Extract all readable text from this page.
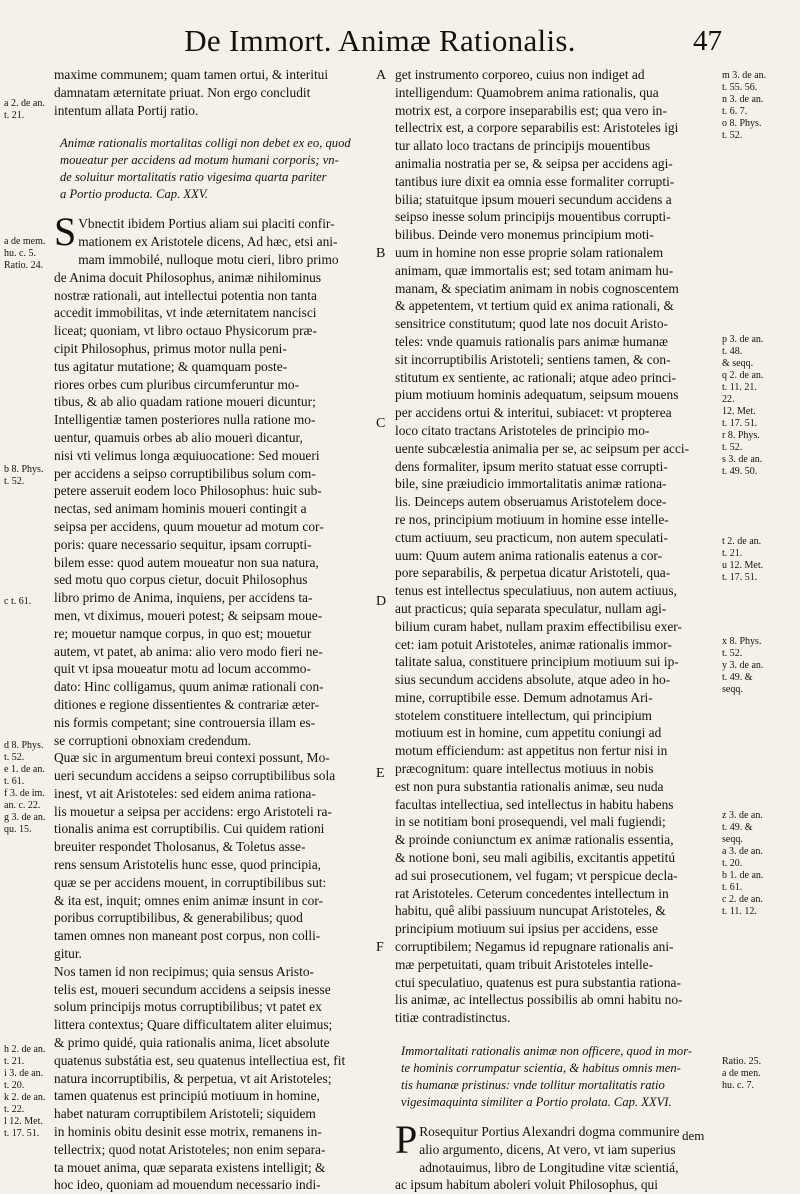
De Immort. Animæ Rationalis.	47

maxime communem; quam tamen ortui, & interitui
damnatam æternitate priuat. Non ergo concludit
intentum allata Portij ratio.

Animæ rationalis mortalitas colligi non debet ex eo, quod
moueatur per accidens ad motum humani corporis; vn-
de soluitur mortalitatis ratio vigesima quarta pariter
a Portio producta. Cap. XXV.

S Vbnectit ibidem Portius aliam sui placiti confir-
mationem ex Aristotele dicens, Ad hæc, etsi ani-
mam immobilé, nulloque motu cieri, libro primo
de Anima docuit Philosophus, animæ nihilominus
nostræ rationali, aut intellectui potentia non tanta
accedit immobilitas, vt inde æternitatem nancisci
liceat; quoniam, vt libro octauo Physicorum præ-
cipit Philosophus, primus motor nulla peni-
tus agitatur mutatione; & quamquam poste-
riores orbes cum pluribus circumferuntur mo-
tibus, & ab alio quadam ratione moueri dicuntur;
Intelligentiæ tamen posteriores nulla ratione mo-
uentur, quamuis orbes ab alio moueri dicantur,
nisi vti velimus longa æquiuocatione: Sed moueri
per accidens a seipso corruptibilibus solum com-
petere asseruit eodem loco Philosophus: huic sub-
nectas, sed animam hominis moueri contingit a
seipsa per accidens, quum mouetur ad motum cor-
poris: quare necessario sequitur, ipsam corrupti-
bilem esse: quod autem moueatur non sua natura,
sed motu quo corpus cietur, docuit Philosophus
libro primo de Anima, inquiens, per accidens ta-
men, vt diximus, moueri potest; & seipsam moue-
re; mouetur namque corpus, in quo est; mouetur
autem, vt patet, ab anima: alio vero modo fieri ne-
quit vt ipsa moueatur motu ad locum accommo-
dato: Hinc colligamus, quum animæ rationali con-
ditiones e regione dissentientes & contrariæ æter-
nis formis competant; sine controuersia illam es-
se corruptioni obnoxiam credendum.

Quæ sic in argumentum breui contexi possunt, Mo-
ueri secundum accidens a seipso corruptibilibus sola
inest, vt ait Aristoteles: sed eidem anima rationa-
lis mouetur a seipsa per accidens: ergo Aristoteli ra-
tionalis anima est corruptibilis. Cui quidem rationi
breuiter respondet Tholosanus, & Toletus asse-
rens sensum Aristotelis hunc esse, quod principia,
quæ se per accidens mouent, in corruptibilibus sut:
& ita est, inquit; omnes enim animæ insunt in cor-
poribus corruptibilibus, & generabilibus; quod
tamen omnes non maneant post corpus, non colli-
gitur.

Nos tamen id non recipimus; quia sensus Aristo-
telis est, moueri secundum accidens a seipsis inesse
solum principijs motus corruptibilibus; vt patet ex
littera contextus; Quare difficultatem aliter eluimus;
& primo quidé, quia rationalis anima, licet absolute
quatenus substátia est, seu quatenus intellectiua est, fit
natura incorruptibilis, & perpetua, vt ait Aristoteles;
tamen quatenus est principiú motiuum in homine,
habet naturam corruptibilem Aristoteli; siquidem
in hominis obitu desinit esse motrix, remanens in-
tellectrix; quod notat Aristoteles; non enim separa-
ta mouet anima, quæ separata existens intelligit; &
hoc ideo, quoniam ad mouendum necessario indi-

get instrumento corporeo, cuius non indiget ad
intelligendum: Quamobrem anima rationalis, qua
motrix est, a corpore inseparabilis est; qua vero in-
tellectrix est, a corpore separabilis est: Aristoteles igi
tur allato loco tractans de principijs mouentibus
animalia nostratia per se, & seipsa per accidens agi-
tantibus iure dixit ea omnia esse formaliter corrupti-
bilia; statuitque ipsum moueri secundum accidens a
seipso inesse solum principijs mouentibus corrupti-
bilibus. Deinde vero monemus principium moti-
uum in homine non esse proprie solam rationalem
animam, quæ immortalis est; sed totam animam hu-
manam, & speciatim animam in nobis cognoscentem
& appetentem, vt tertium quid ex anima rationali, &
sensitrice constitutum; quod late nos docuit Aristo-
teles: vnde quamuis rationalis pars animæ humanæ
sit incorruptibilis Aristoteli; sentiens tamen, & con-
stitutum ex sentiente, ac rationali; atque adeo princi-
pium motiuum hominis adequatum, seipsum mouens
per accidens ortui & interitui, subiacet: vt propterea
loco citato tractans Aristoteles de principio mo-
uente subcælestia animalia per se, ac seipsum per acci-
dens formaliter, ipsum merito statuat esse corrupti-
bile, sine præiudicio immortalitatis animæ rationa-
lis. Deinceps autem obseruamus Aristotelem doce-
re nos, principium motiuum in homine esse intelle-
ctum actiuum, seu practicum, non autem speculati-
uum: Quum autem anima rationalis eatenus a cor-
pore separabilis, & perpetua dicatur Aristoteli, qua-
tenus est intellectus speculatiuus, non autem actiuus,
aut practicus; quia separata speculatur, nullam agi-
bilium curam habet, nullam praxim effectibilisu exer-
cet: iam potuit Aristoteles, animæ rationalis immor-
talitate salua, constituere principium motiuum sui ip-
sius secundum accidens absolute, atque adeo in ho-
mine, corruptibile esse. Demum adnotamus Ari-
stotelem constituere intellectum, qui principium
motiuum est in homine, cum appetitu coniungi ad
motum efficiendum: ast appetitus non fertur nisi in
præcognitum: quare intellectus motiuus in nobis
est non pura substantia rationalis animæ, seu nuda
facultas intellectiua, sed intellectus in habitu habens
in se notitiam boni prosequendi, vel mali fugiendi;
& proinde coniunctum ex animæ rationalis essentia,
& notione boni, seu mali agibilis, excitantis appetitú
ad sui prosecutionem, vel fugam; vt perspicue decla-
rat Aristoteles. Ceterum concedentes intellectum in
habitu, quê alibi passiuum nuncupat Aristoteles, &
principium motiuum sui ipsius per accidens, esse
corruptibilem; Negamus id repugnare rationalis ani-
mæ perpetuitati, quam tribuit Aristoteles intelle-
ctui speculatiuo, quatenus est pura substantia rationa-
lis animæ, ac intellectus possibilis ab omni habitu no-
titiæ contradistinctus.

Immortalitati rationalis animæ non officere, quod in mor-
te hominis corrumpatur scientia, & habitus omnis men-
tis humanæ pristinus: vnde tollitur mortalitatis ratio
vigesimaquinta similiter a Portio prolata. Cap. XXVI.

P Rosequitur Portius Alexandri dogma communire
alio argumento, dicens, At vero, vt iam superius
adnotauimus, libro de Longitudine vitæ scientiá,
ac ipsum habitum aboleri voluit Philosophus, qui

dem
A
B
C
D
E
F
a 2. de an.
t. 21.
a de mem.
hu. c. 5.
Ratio. 24.
b 8. Phys.
t. 52.
c t. 61.
d 8. Phys.
t. 52.
e 1. de an.
t. 61.
f 3. de im.
an. c. 22.
g 3. de an.
qu. 15.
h 2. de an.
t. 21.
i 3. de an.
t. 20.
k 2. de an.
t. 22.
l 12. Met.
t. 17. 51.
m 3. de an.
t. 55. 56.
n 3. de an.
t. 6. 7.
o 8. Phys.
t. 52.
p 3. de an.
t. 48.
& seqq.
q 2. de an.
t. 11. 21.
22.
12. Met.
t. 17. 51.
r 8. Phys.
t. 52.
s 3. de an.
t. 49. 50.
t 2. de an.
t. 21.
u 12. Met.
t. 17. 51.
x 8. Phys.
t. 52.
y 3. de an.
t. 49. &
seqq.
z 3. de an.
t. 49. &
seqq.
a 3. de an.
t. 20.
b 1. de an.
t. 61.
c 2. de an.
t. 11. 12.
Ratio. 25.
a de men.
hu. c. 7.
